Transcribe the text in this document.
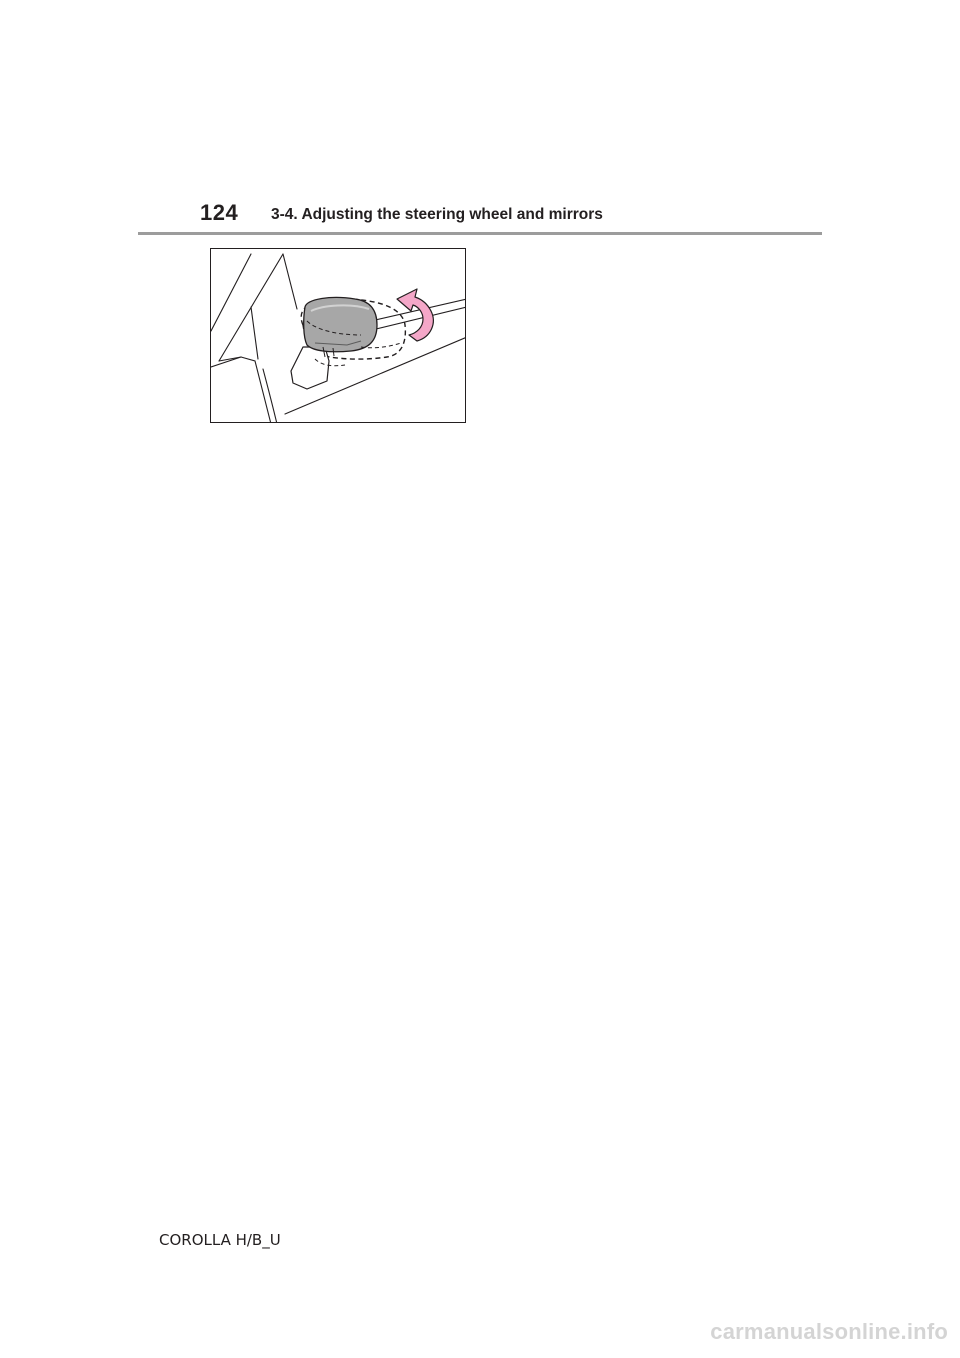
124 3-4. Adjusting the steering wheel and mirrors
COROLLA H/B_U
carmanualsonline.info
